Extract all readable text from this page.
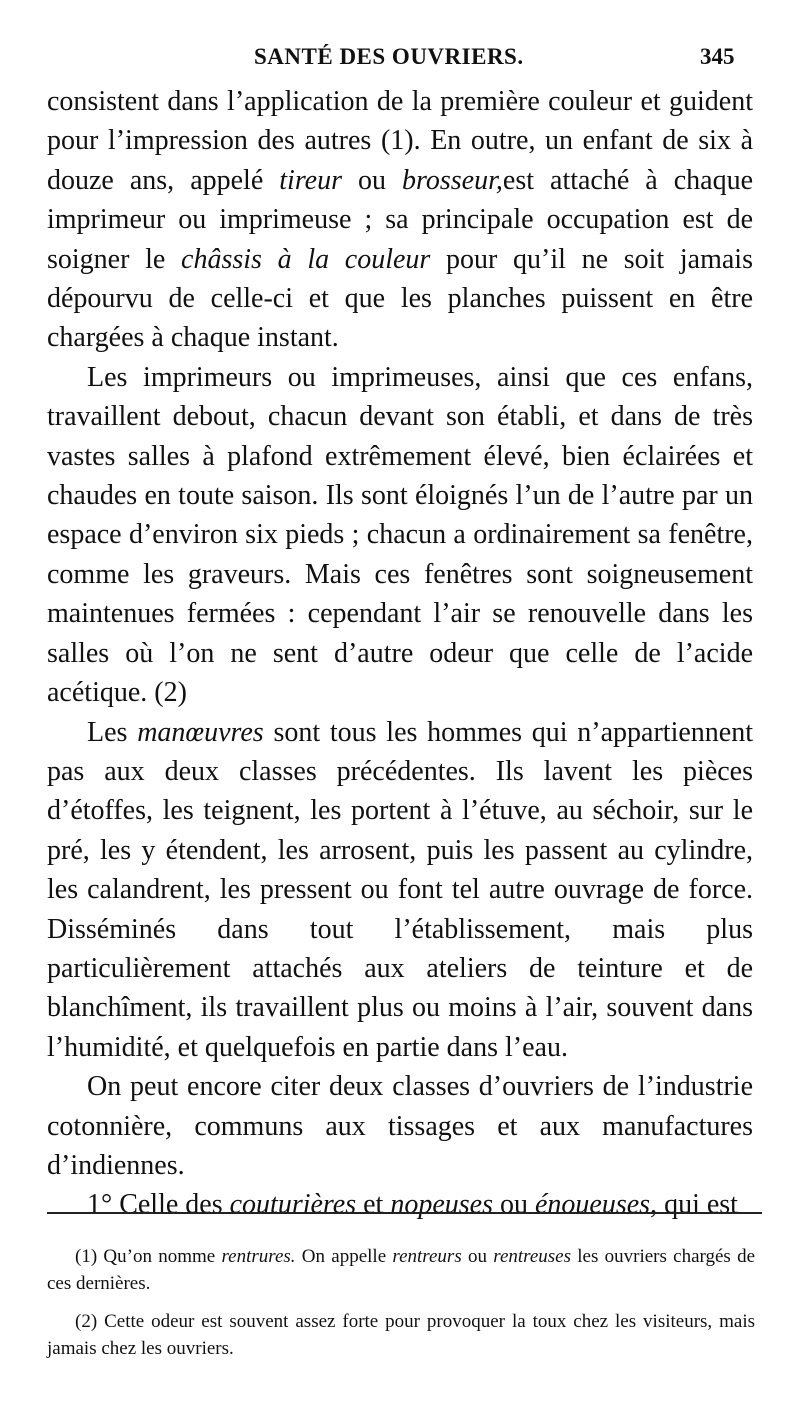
SANTÉ DES OUVRIERS.	345

consistent dans l’application de la première couleur et guident pour l’impression des autres (1). En outre, un enfant de six à douze ans, appelé tireur ou brosseur,est attaché à chaque imprimeur ou imprimeuse ; sa principale occupation est de soigner le châssis à la couleur pour qu’il ne soit jamais dépourvu de celle-ci et que les planches puissent en être chargées à chaque instant.

Les imprimeurs ou imprimeuses, ainsi que ces enfans, travaillent debout, chacun devant son établi, et dans de très vastes salles à plafond extrêmement élevé, bien éclairées et chaudes en toute saison. Ils sont éloignés l’un de l’autre par un espace d’environ six pieds ; chacun a ordinairement sa fenêtre, comme les graveurs. Mais ces fenêtres sont soigneusement maintenues fermées : cependant l’air se renouvelle dans les salles où l’on ne sent d’autre odeur que celle de l’acide acétique. (2)

Les manœuvres sont tous les hommes qui n’appartiennent pas aux deux classes précédentes. Ils lavent les pièces d’étoffes, les teignent, les portent à l’étuve, au séchoir, sur le pré, les y étendent, les arrosent, puis les passent au cylindre, les calandrent, les pressent ou font tel autre ouvrage de force. Disséminés dans tout l’établissement, mais plus particulièrement attachés aux ateliers de teinture et de blanchîment, ils travaillent plus ou moins à l’air, souvent dans l’humidité, et quelquefois en partie dans l’eau.

On peut encore citer deux classes d’ouvriers de l’industrie cotonnière, communs aux tissages et aux manufactures d’indiennes.

1° Celle des couturières et nopeuses ou énoueuses, qui est

(1) Qu’on nomme rentrures. On appelle rentreurs ou rentreuses les ouvriers chargés de ces dernières.

(2) Cette odeur est souvent assez forte pour provoquer la toux chez les visiteurs, mais jamais chez les ouvriers.
